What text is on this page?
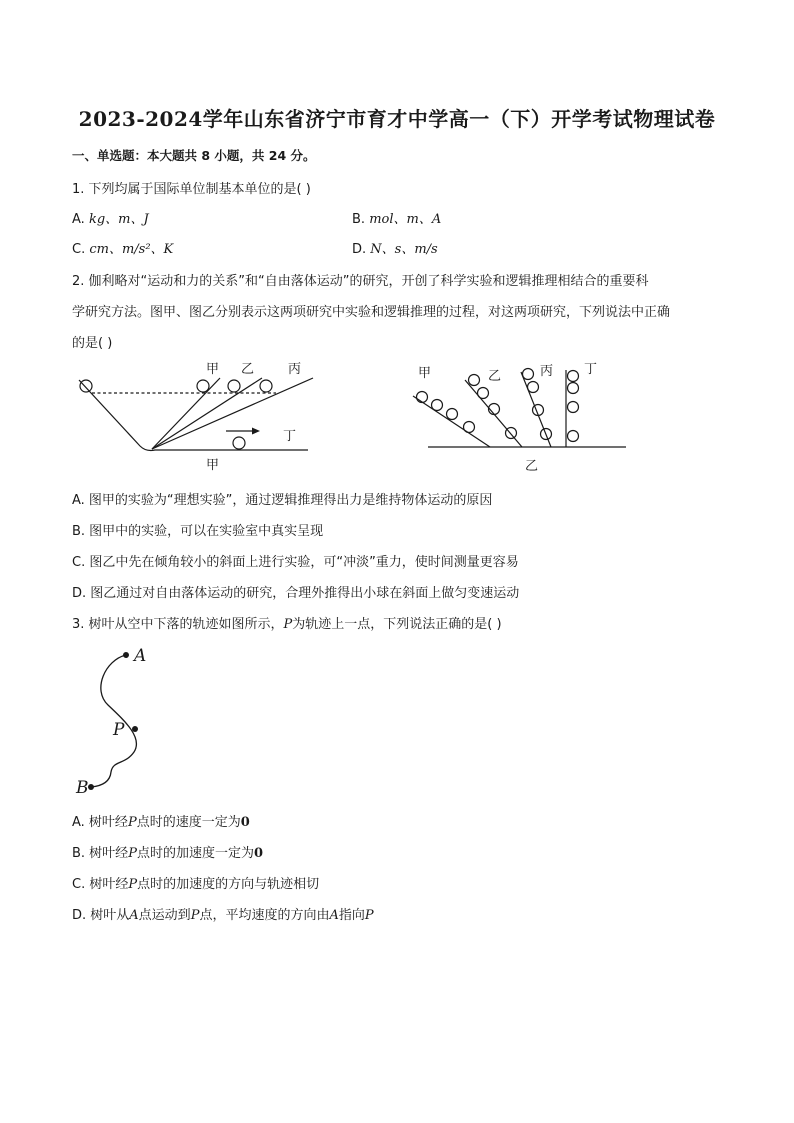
2023-2024学年山东省济宁市育才中学高一（下）开学考试物理试卷
一、单选题：本大题共 8 小题，共 24 分。
1. 下列均属于国际单位制基本单位的是( )
A. kg、m、J	B. mol、m、A
C. cm、m/s²、K	D. N、s、m/s
2. 伽利略对“运动和力的关系”和“自由落体运动”的研究，开创了科学实验和逻辑推理相结合的重要科
学研究方法。图甲、图乙分别表示这两项研究中实验和逻辑推理的过程，对这两项研究，下列说法中正确
的是( )
甲 乙	丙
丁
甲
甲	乙	丙 丁
乙
A
P
B
A. 图甲的实验为“理想实验”，通过逻辑推理得出力是维持物体运动的原因
B. 图甲中的实验，可以在实验室中真实呈现
C. 图乙中先在倾角较小的斜面上进行实验，可“冲淡”重力，使时间测量更容易
D. 图乙通过对自由落体运动的研究，合理外推得出小球在斜面上做匀变速运动
3. 树叶从空中下落的轨迹如图所示，P为轨迹上一点，下列说法正确的是( )
A. 树叶经P点时的速度一定为0
B. 树叶经P点时的加速度一定为0
C. 树叶经P点时的加速度的方向与轨迹相切
D. 树叶从A点运动到P点，平均速度的方向由A指向P
